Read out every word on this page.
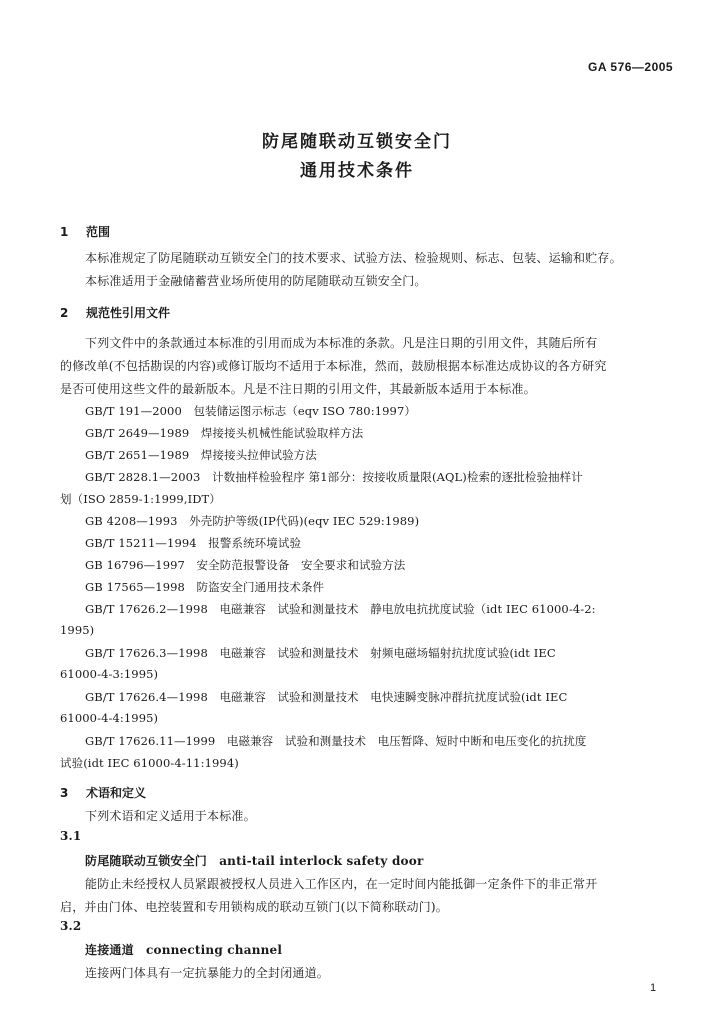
GA 576—2005
防尾随联动互锁安全门
通用技术条件
1 范围
本标准规定了防尾随联动互锁安全门的技术要求、试验方法、检验规则、标志、包装、运输和贮存。
本标准适用于金融储蓄营业场所使用的防尾随联动互锁安全门。
2 规范性引用文件
下列文件中的条款通过本标准的引用而成为本标准的条款。凡是注日期的引用文件，其随后所有
的修改单(不包括勘误的内容)或修订版均不适用于本标准，然而，鼓励根据本标准达成协议的各方研究
是否可使用这些文件的最新版本。凡是不注日期的引用文件，其最新版本适用于本标准。
GB/T 191—2000　包装储运图示标志（eqv ISO 780:1997）
GB/T 2649—1989　焊接接头机械性能试验取样方法
GB/T 2651—1989　焊接接头拉伸试验方法
GB/T 2828.1—2003　计数抽样检验程序 第1部分：按接收质量限(AQL)检索的逐批检验抽样计
划（ISO 2859-1:1999,IDT）
GB 4208—1993　外壳防护等级(IP代码)(eqv IEC 529:1989)
GB/T 15211—1994　报警系统环境试验
GB 16796—1997　安全防范报警设备　安全要求和试验方法
GB 17565—1998　防盗安全门通用技术条件
GB/T 17626.2—1998　电磁兼容　试验和测量技术　静电放电抗扰度试验（idt IEC 61000-4-2:
1995)
GB/T 17626.3—1998　电磁兼容　试验和测量技术　射频电磁场辐射抗扰度试验(idt IEC
61000-4-3:1995)
GB/T 17626.4—1998　电磁兼容　试验和测量技术　电快速瞬变脉冲群抗扰度试验(idt IEC
61000-4-4:1995)
GB/T 17626.11—1999　电磁兼容　试验和测量技术　电压暂降、短时中断和电压变化的抗扰度
试验(idt IEC 61000-4-11:1994)
3 术语和定义
下列术语和定义适用于本标准。
3.1
防尾随联动互锁安全门　anti-tail interlock safety door
能防止未经授权人员紧跟被授权人员进入工作区内，在一定时间内能抵御一定条件下的非正常开
启，并由门体、电控装置和专用锁构成的联动互锁门(以下简称联动门)。
3.2
连接通道　connecting channel
连接两门体具有一定抗暴能力的全封闭通道。
1
